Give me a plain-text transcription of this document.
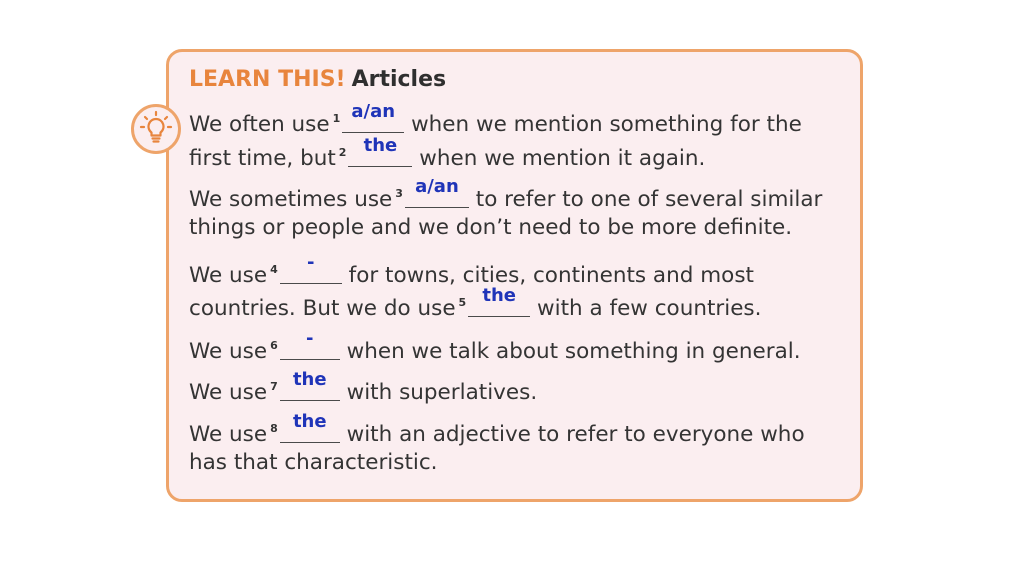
LEARN THIS! Articles
We often use $^1$ a/an
when we mention something for the
first time, but $^2$ the
when we mention it again.
We sometimes use $^3$ a/an
to refer to one of several similar
things or people and we don’t need to be more definite.
We use $^4$	-
for towns, cities, continents and most
countries. But we do use $^5$ the
with a few countries.
We use $^6$	-
when we talk about something in general.
We use $^7$ the
with superlatives.
We use $^8$ the
with an adjective to refer to everyone who
has that characteristic.
